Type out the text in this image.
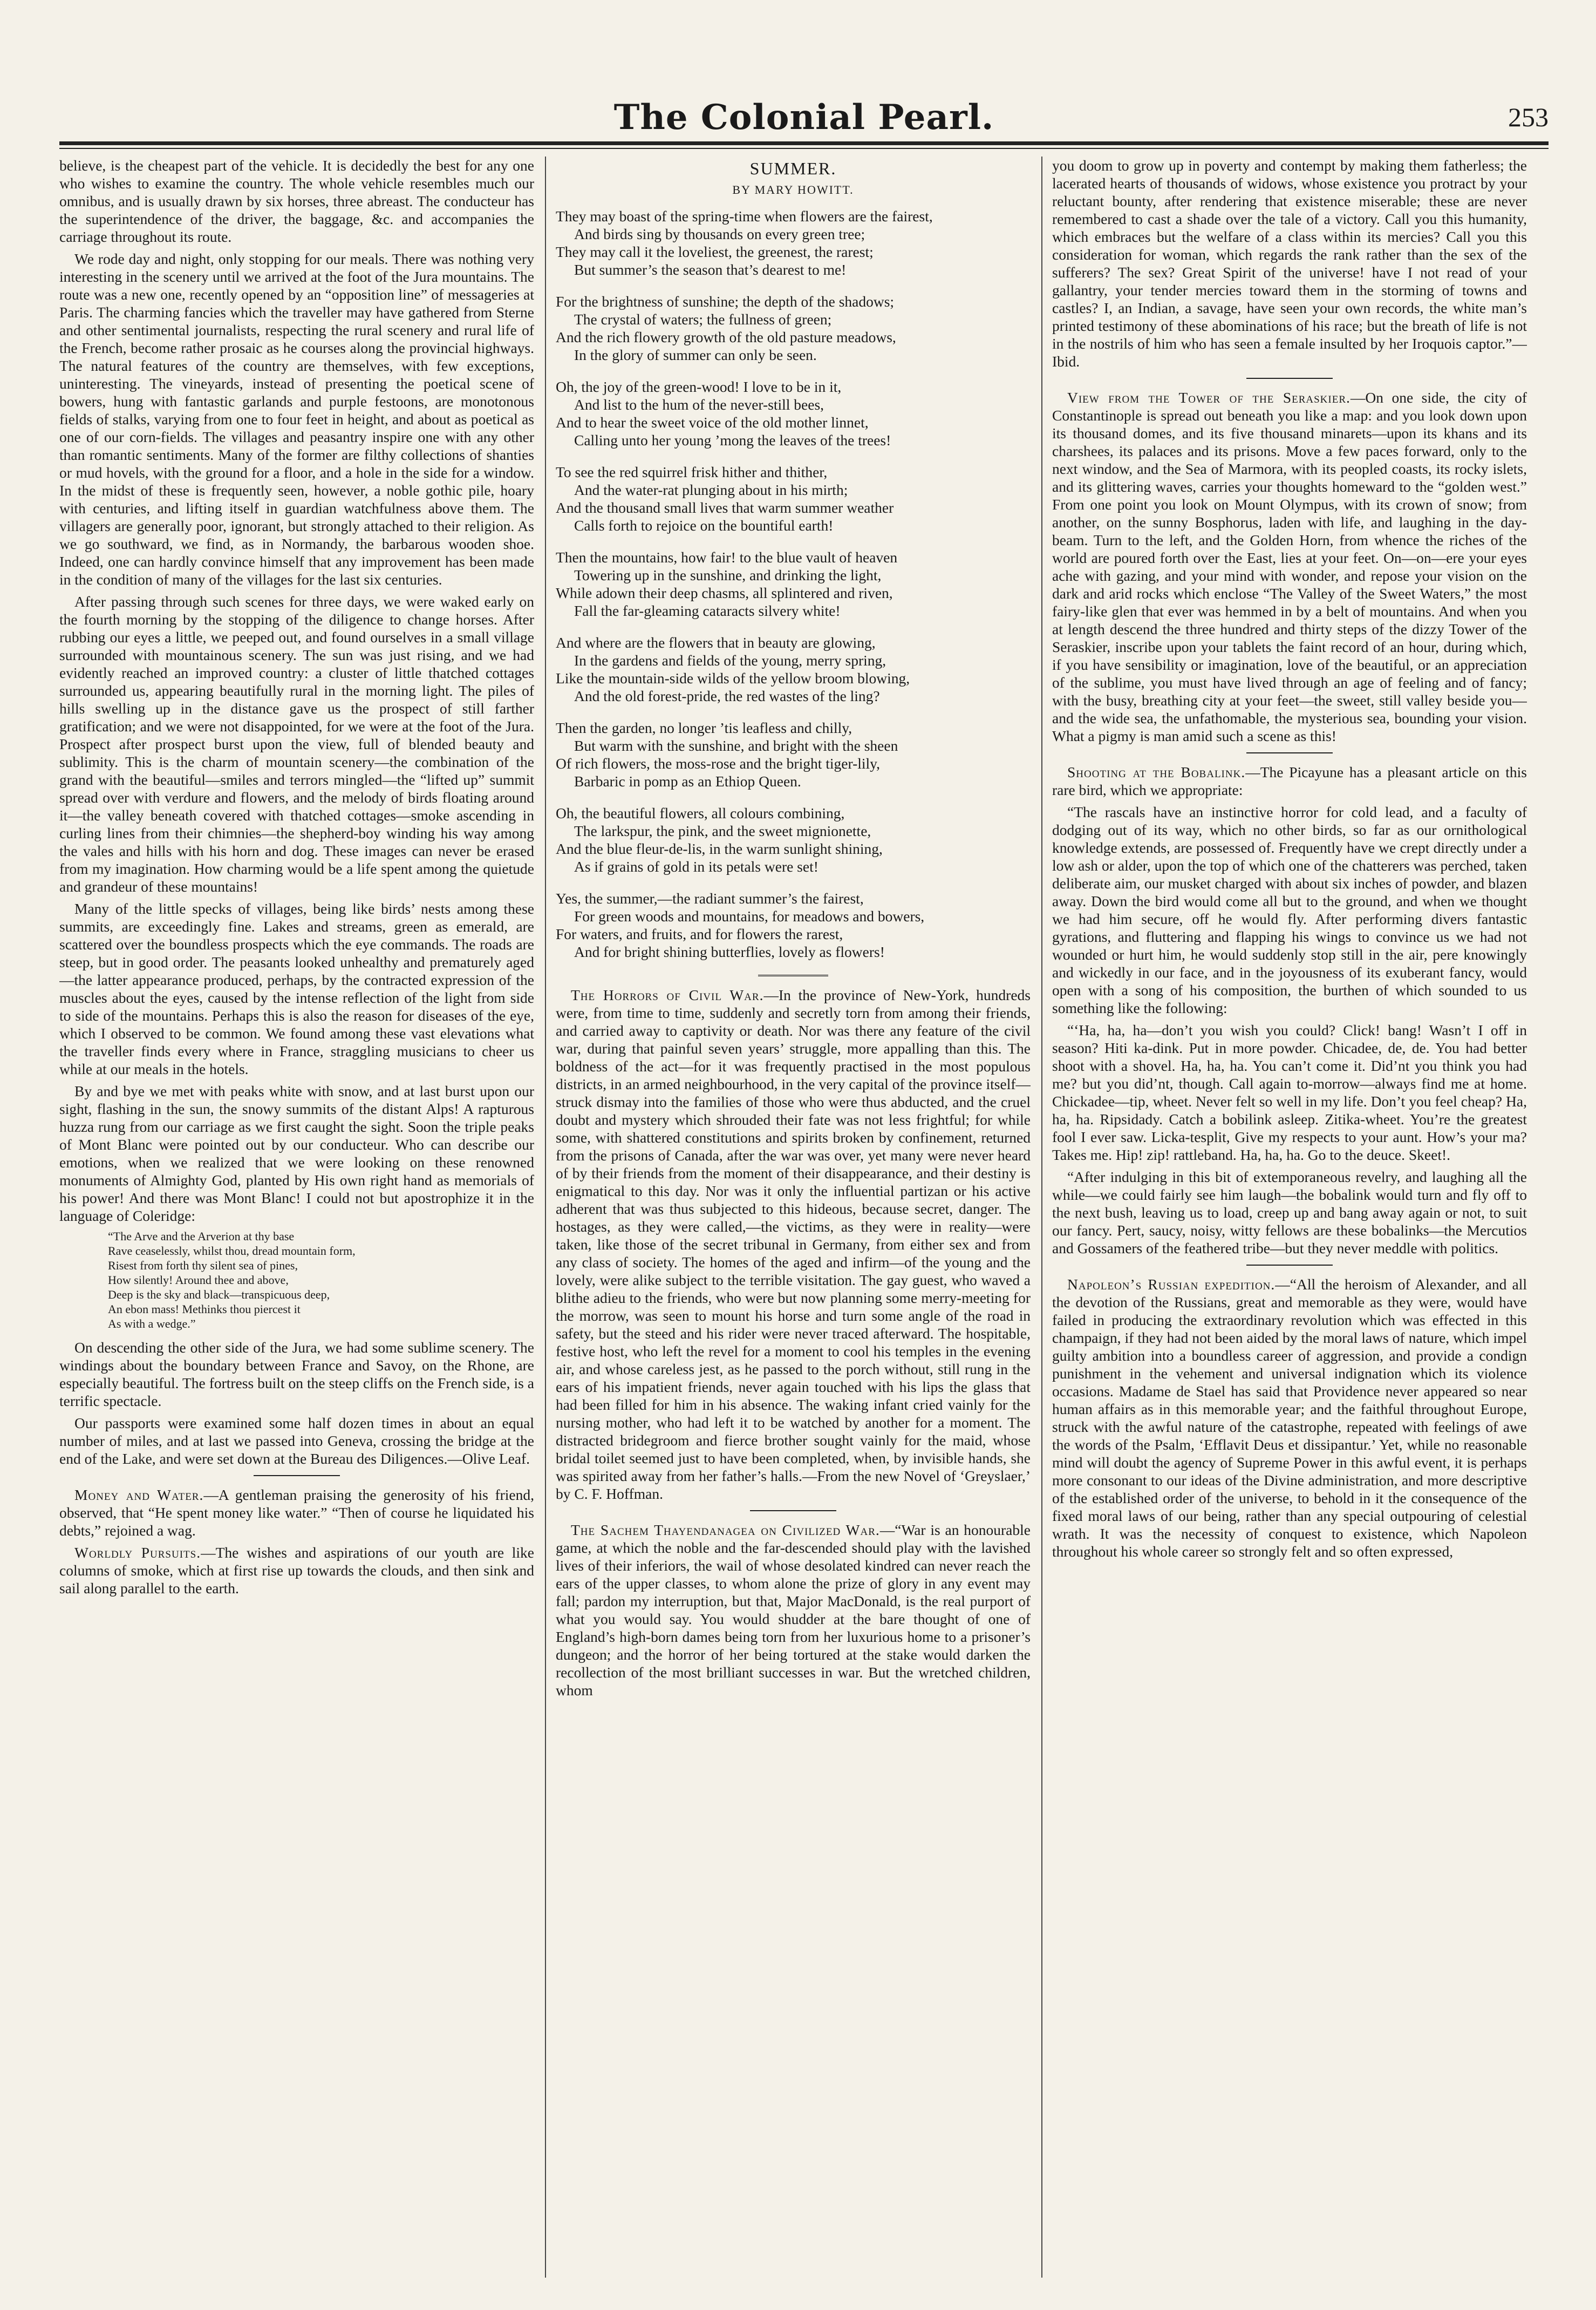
The Colonial Pearl.	253

believe, is the cheapest part of the vehicle. It is decidedly the best for any one who wishes to examine the country. The whole vehicle resembles much our omnibus, and is usually drawn by six horses, three abreast. The conducteur has the superintendence of the driver, the baggage, &c. and accompanies the carriage throughout its route.

We rode day and night, only stopping for our meals. There was nothing very interesting in the scenery until we arrived at the foot of the Jura mountains. The route was a new one, recently opened by an “opposition line” of messageries at Paris. The charming fancies which the traveller may have gathered from Sterne and other sentimental journalists, respecting the rural scenery and rural life of the French, become rather prosaic as he courses along the provincial highways. The natural features of the country are themselves, with few exceptions, uninteresting. The vineyards, instead of presenting the poetical scene of bowers, hung with fantastic garlands and purple festoons, are monotonous fields of stalks, varying from one to four feet in height, and about as poetical as one of our corn-fields. The villages and peasantry inspire one with any other than romantic sentiments. Many of the former are filthy collections of shanties or mud hovels, with the ground for a floor, and a hole in the side for a window. In the midst of these is frequently seen, however, a noble gothic pile, hoary with centuries, and lifting itself in guardian watchfulness above them. The villagers are generally poor, ignorant, but strongly attached to their religion. As we go southward, we find, as in Normandy, the barbarous wooden shoe. Indeed, one can hardly convince himself that any improvement has been made in the condition of many of the villages for the last six centuries.

After passing through such scenes for three days, we were waked early on the fourth morning by the stopping of the diligence to change horses. After rubbing our eyes a little, we peeped out, and found ourselves in a small village surrounded with mountainous scenery. The sun was just rising, and we had evidently reached an improved country: a cluster of little thatched cottages surrounded us, appearing beautifully rural in the morning light. The piles of hills swelling up in the distance gave us the prospect of still farther gratification; and we were not disappointed, for we were at the foot of the Jura. Prospect after prospect burst upon the view, full of blended beauty and sublimity. This is the charm of mountain scenery—the combination of the grand with the beautiful—smiles and terrors mingled—the “lifted up” summit spread over with verdure and flowers, and the melody of birds floating around it—the valley beneath covered with thatched cottages—smoke ascending in curling lines from their chimnies—the shepherd-boy winding his way among the vales and hills with his horn and dog. These images can never be erased from my imagination. How charming would be a life spent among the quietude and grandeur of these mountains!

Many of the little specks of villages, being like birds’ nests among these summits, are exceedingly fine. Lakes and streams, green as emerald, are scattered over the boundless prospects which the eye commands. The roads are steep, but in good order. The peasants looked unhealthy and prematurely aged—the latter appearance produced, perhaps, by the contracted expression of the muscles about the eyes, caused by the intense reflection of the light from side to side of the mountains. Perhaps this is also the reason for diseases of the eye, which I observed to be common. We found among these vast elevations what the traveller finds every where in France, straggling musicians to cheer us while at our meals in the hotels.

By and bye we met with peaks white with snow, and at last burst upon our sight, flashing in the sun, the snowy summits of the distant Alps! A rapturous huzza rung from our carriage as we first caught the sight. Soon the triple peaks of Mont Blanc were pointed out by our conducteur. Who can describe our emotions, when we realized that we were looking on these renowned monuments of Almighty God, planted by His own right hand as memorials of his power! And there was Mont Blanc! I could not but apostrophize it in the language of Coleridge:

“The Arve and the Arverion at thy base
Rave ceaselessly, whilst thou, dread mountain form,
Risest from forth thy silent sea of pines,
How silently! Around thee and above,
Deep is the sky and black—transpicuous deep,
An ebon mass! Methinks thou piercest it
As with a wedge.”

On descending the other side of the Jura, we had some sublime scenery. The windings about the boundary between France and Savoy, on the Rhone, are especially beautiful. The fortress built on the steep cliffs on the French side, is a terrific spectacle.

Our passports were examined some half dozen times in about an equal number of miles, and at last we passed into Geneva, crossing the bridge at the end of the Lake, and were set down at the Bureau des Diligences.—Olive Leaf.

Money and Water.—A gentleman praising the generosity of his friend, observed, that “He spent money like water.” “Then of course he liquidated his debts,” rejoined a wag.

Worldly Pursuits.—The wishes and aspirations of our youth are like columns of smoke, which at first rise up towards the clouds, and then sink and sail along parallel to the earth.

SUMMER.
BY MARY HOWITT.
They may boast of the spring-time when flowers are the fairest,
And birds sing by thousands on every green tree;
They may call it the loveliest, the greenest, the rarest;
But summer’s the season that’s dearest to me!
For the brightness of sunshine; the depth of the shadows;
The crystal of waters; the fullness of green;
And the rich flowery growth of the old pasture meadows,
In the glory of summer can only be seen.
Oh, the joy of the green-wood! I love to be in it,
And list to the hum of the never-still bees,
And to hear the sweet voice of the old mother linnet,
Calling unto her young ’mong the leaves of the trees!
To see the red squirrel frisk hither and thither,
And the water-rat plunging about in his mirth;
And the thousand small lives that warm summer weather
Calls forth to rejoice on the bountiful earth!
Then the mountains, how fair! to the blue vault of heaven
Towering up in the sunshine, and drinking the light,
While adown their deep chasms, all splintered and riven,
Fall the far-gleaming cataracts silvery white!
And where are the flowers that in beauty are glowing,
In the gardens and fields of the young, merry spring,
Like the mountain-side wilds of the yellow broom blowing,
And the old forest-pride, the red wastes of the ling?
Then the garden, no longer ’tis leafless and chilly,
But warm with the sunshine, and bright with the sheen
Of rich flowers, the moss-rose and the bright tiger-lily,
Barbaric in pomp as an Ethiop Queen.
Oh, the beautiful flowers, all colours combining,
The larkspur, the pink, and the sweet mignionette,
And the blue fleur-de-lis, in the warm sunlight shining,
As if grains of gold in its petals were set!
Yes, the summer,—the radiant summer’s the fairest,
For green woods and mountains, for meadows and bowers,
For waters, and fruits, and for flowers the rarest,
And for bright shining butterflies, lovely as flowers!

The Horrors of Civil War.—In the province of New-York, hundreds were, from time to time, suddenly and secretly torn from among their friends, and carried away to captivity or death. Nor was there any feature of the civil war, during that painful seven years’ struggle, more appalling than this. The boldness of the act—for it was frequently practised in the most populous districts, in an armed neighbourhood, in the very capital of the province itself—struck dismay into the families of those who were thus abducted, and the cruel doubt and mystery which shrouded their fate was not less frightful; for while some, with shattered constitutions and spirits broken by confinement, returned from the prisons of Canada, after the war was over, yet many were never heard of by their friends from the moment of their disappearance, and their destiny is enigmatical to this day. Nor was it only the influential partizan or his active adherent that was thus subjected to this hideous, because secret, danger. The hostages, as they were called,—the victims, as they were in reality—were taken, like those of the secret tribunal in Germany, from either sex and from any class of society. The homes of the aged and infirm—of the young and the lovely, were alike subject to the terrible visitation. The gay guest, who waved a blithe adieu to the friends, who were but now planning some merry-meeting for the morrow, was seen to mount his horse and turn some angle of the road in safety, but the steed and his rider were never traced afterward. The hospitable, festive host, who left the revel for a moment to cool his temples in the evening air, and whose careless jest, as he passed to the porch without, still rung in the ears of his impatient friends, never again touched with his lips the glass that had been filled for him in his absence. The waking infant cried vainly for the nursing mother, who had left it to be watched by another for a moment. The distracted bridegroom and fierce brother sought vainly for the maid, whose bridal toilet seemed just to have been completed, when, by invisible hands, she was spirited away from her father’s halls.—From the new Novel of ‘Greyslaer,’ by C. F. Hoffman.

The Sachem Thayendanagea on Civilized War.—“War is an honourable game, at which the noble and the far-descended should play with the lavished lives of their inferiors, the wail of whose desolated kindred can never reach the ears of the upper classes, to whom alone the prize of glory in any event may fall; pardon my interruption, but that, Major MacDonald, is the real purport of what you would say. You would shudder at the bare thought of one of England’s high-born dames being torn from her luxurious home to a prisoner’s dungeon; and the horror of her being tortured at the stake would darken the recollection of the most brilliant successes in war. But the wretched children, whom

you doom to grow up in poverty and contempt by making them fatherless; the lacerated hearts of thousands of widows, whose existence you protract by your reluctant bounty, after rendering that existence miserable; these are never remembered to cast a shade over the tale of a victory. Call you this humanity, which embraces but the welfare of a class within its mercies? Call you this consideration for woman, which regards the rank rather than the sex of the sufferers? The sex? Great Spirit of the universe! have I not read of your gallantry, your tender mercies toward them in the storming of towns and castles? I, an Indian, a savage, have seen your own records, the white man’s printed testimony of these abominations of his race; but the breath of life is not in the nostrils of him who has seen a female insulted by her Iroquois captor.”—Ibid.

View from the Tower of the Seraskier.—On one side, the city of Constantinople is spread out beneath you like a map: and you look down upon its thousand domes, and its five thousand minarets—upon its khans and its charshees, its palaces and its prisons. Move a few paces forward, only to the next window, and the Sea of Marmora, with its peopled coasts, its rocky islets, and its glittering waves, carries your thoughts homeward to the “golden west.” From one point you look on Mount Olympus, with its crown of snow; from another, on the sunny Bosphorus, laden with life, and laughing in the day-beam. Turn to the left, and the Golden Horn, from whence the riches of the world are poured forth over the East, lies at your feet. On—on—ere your eyes ache with gazing, and your mind with wonder, and repose your vision on the dark and arid rocks which enclose “The Valley of the Sweet Waters,” the most fairy-like glen that ever was hemmed in by a belt of mountains. And when you at length descend the three hundred and thirty steps of the dizzy Tower of the Seraskier, inscribe upon your tablets the faint record of an hour, during which, if you have sensibility or imagination, love of the beautiful, or an appreciation of the sublime, you must have lived through an age of feeling and of fancy; with the busy, breathing city at your feet—the sweet, still valley beside you—and the wide sea, the unfathomable, the mysterious sea, bounding your vision. What a pigmy is man amid such a scene as this!

Shooting at the Bobalink.—The Picayune has a pleasant article on this rare bird, which we appropriate:

“The rascals have an instinctive horror for cold lead, and a faculty of dodging out of its way, which no other birds, so far as our ornithological knowledge extends, are possessed of. Frequently have we crept directly under a low ash or alder, upon the top of which one of the chatterers was perched, taken deliberate aim, our musket charged with about six inches of powder, and blazen away. Down the bird would come all but to the ground, and when we thought we had him secure, off he would fly. After performing divers fantastic gyrations, and fluttering and flapping his wings to convince us we had not wounded or hurt him, he would suddenly stop still in the air, pere knowingly and wickedly in our face, and in the joyousness of its exuberant fancy, would open with a song of his composition, the burthen of which sounded to us something like the following:

“‘Ha, ha, ha—don’t you wish you could? Click! bang! Wasn’t I off in season? Hiti ka-dink. Put in more powder. Chicadee, de, de. You had better shoot with a shovel. Ha, ha, ha. You can’t come it. Did’nt you think you had me? but you did’nt, though. Call again to-morrow—always find me at home. Chickadee—tip, wheet. Never felt so well in my life. Don’t you feel cheap? Ha, ha, ha. Ripsidady. Catch a bobilink asleep. Zitika-wheet. You’re the greatest fool I ever saw. Licka-tesplit, Give my respects to your aunt. How’s your ma? Takes me. Hip! zip! rattleband. Ha, ha, ha. Go to the deuce. Skeet!.

“After indulging in this bit of extemporaneous revelry, and laughing all the while—we could fairly see him laugh—the bobalink would turn and fly off to the next bush, leaving us to load, creep up and bang away again or not, to suit our fancy. Pert, saucy, noisy, witty fellows are these bobalinks—the Mercutios and Gossamers of the feathered tribe—but they never meddle with politics.

Napoleon’s Russian expedition.—“All the heroism of Alexander, and all the devotion of the Russians, great and memorable as they were, would have failed in producing the extraordinary revolution which was effected in this champaign, if they had not been aided by the moral laws of nature, which impel guilty ambition into a boundless career of aggression, and provide a condign punishment in the vehement and universal indignation which its violence occasions. Madame de Stael has said that Providence never appeared so near human affairs as in this memorable year; and the faithful throughout Europe, struck with the awful nature of the catastrophe, repeated with feelings of awe the words of the Psalm, ‘Efflavit Deus et dissipantur.’ Yet, while no reasonable mind will doubt the agency of Supreme Power in this awful event, it is perhaps more consonant to our ideas of the Divine administration, and more descriptive of the established order of the universe, to behold in it the consequence of the fixed moral laws of our being, rather than any special outpouring of celestial wrath. It was the necessity of conquest to existence, which Napoleon throughout his whole career so strongly felt and so often expressed,
